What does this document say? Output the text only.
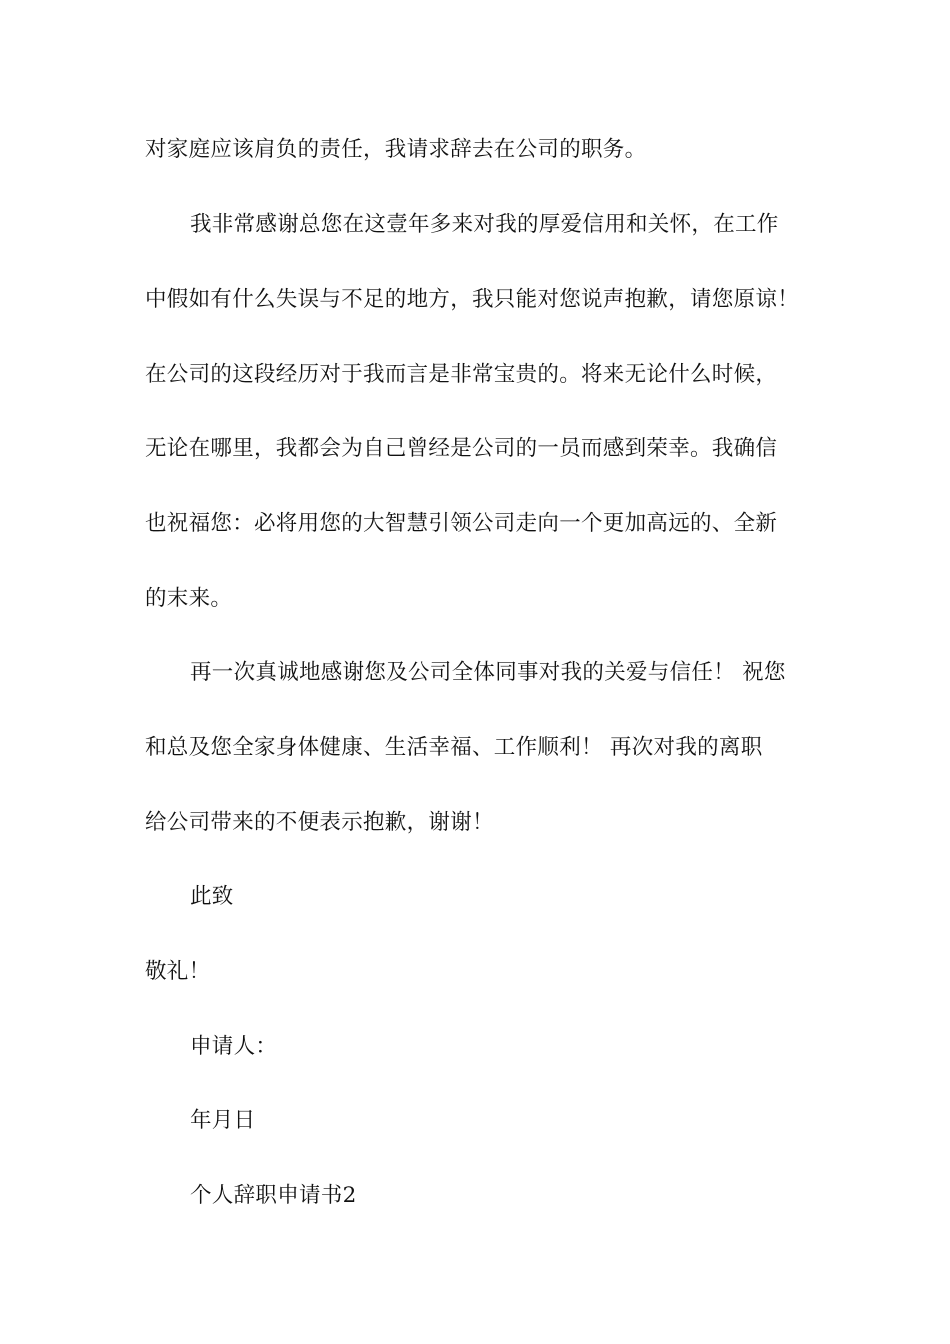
对家庭应该肩负的责任，我请求辞去在公司的职务。
我非常感谢总您在这壹年多来对我的厚爱信用和关怀，在工作
中假如有什么失误与不足的地方，我只能对您说声抱歉，请您原谅！
在公司的这段经历对于我而言是非常宝贵的。将来无论什么时候，
无论在哪里，我都会为自己曾经是公司的一员而感到荣幸。我确信
也祝福您：必将用您的大智慧引领公司走向一个更加高远的、全新
的末来。
再一次真诚地感谢您及公司全体同事对我的关爱与信任！ 祝您
和总及您全家身体健康、生活幸福、工作顺利！ 再次对我的离职
给公司带来的不便表示抱歉，谢谢！
此致
敬礼！
申请人：
年月日
个人辞职申请书2
